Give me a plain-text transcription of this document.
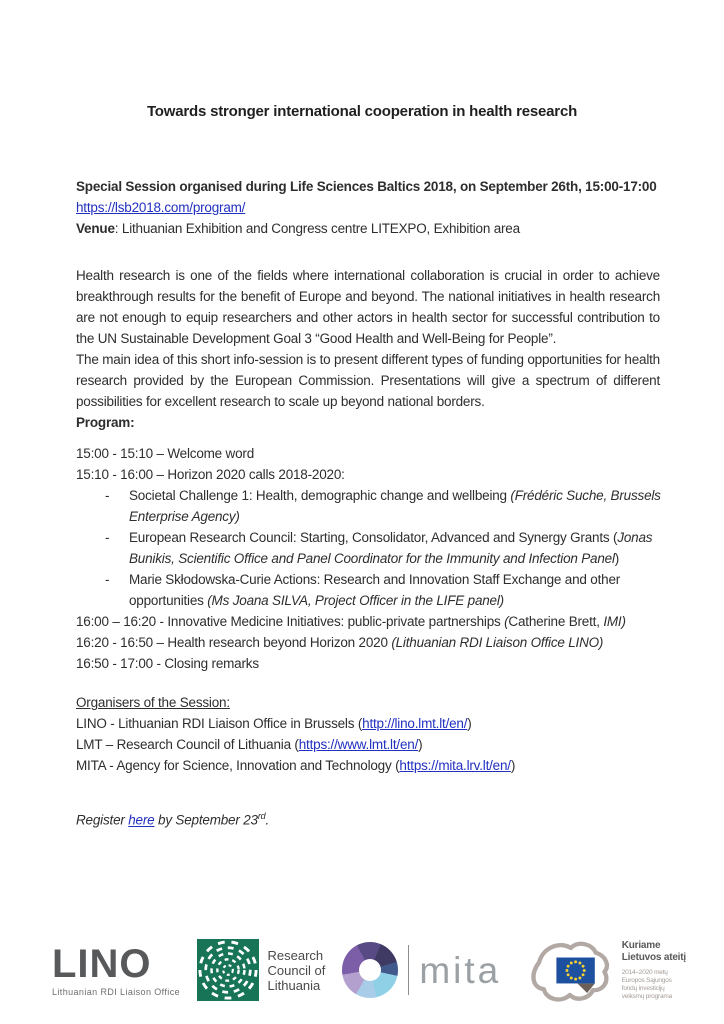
Towards stronger international cooperation in health research

Special Session organised during Life Sciences Baltics 2018, on September 26th, 15:00-17:00

https://lsb2018.com/program/

Venue: Lithuanian Exhibition and Congress centre LITEXPO, Exhibition area

Health research is one of the fields where international collaboration is crucial in order to achieve breakthrough results for the benefit of Europe and beyond. The national initiatives in health research are not enough to equip researchers and other actors in health sector for successful contribution to the UN Sustainable Development Goal 3 “Good Health and Well-Being for People”.

The main idea of this short info-session is to present different types of funding opportunities for health research provided by the European Commission. Presentations will give a spectrum of different possibilities for excellent research to scale up beyond national borders.

Program:

15:00 - 15:10 – Welcome word

15:10 - 16:00 – Horizon 2020 calls 2018-2020:

-	Societal Challenge 1: Health, demographic change and wellbeing (Frédéric Suche, Brussels Enterprise Agency)
-	European Research Council: Starting, Consolidator, Advanced and Synergy Grants (Jonas Bunikis, Scientific Office and Panel Coordinator for the Immunity and Infection Panel)
-	Marie Skłodowska-Curie Actions: Research and Innovation Staff Exchange and other opportunities (Ms Joana SILVA, Project Officer in the LIFE panel)

16:00 – 16:20 - Innovative Medicine Initiatives: public-private partnerships (Catherine Brett, IMI)

16:20 - 16:50 – Health research beyond Horizon 2020 (Lithuanian RDI Liaison Office LINO)

16:50 - 17:00 - Closing remarks

Organisers of the Session:

LINO - Lithuanian RDI Liaison Office in Brussels (http://lino.lmt.lt/en/)

LMT – Research Council of Lithuania (https://www.lmt.lt/en/)

MITA - Agency for Science, Innovation and Technology (https://mita.lrv.lt/en/)

Register here by September 23rd.

LINO
Lithuanian RDI Liaison Office
Research
Council of
Lithuania	mita
Kuriame
Lietuvos ateitį
2014–2020 metų
Europos Sąjungos
fondų investicijų
veiksmų programa
